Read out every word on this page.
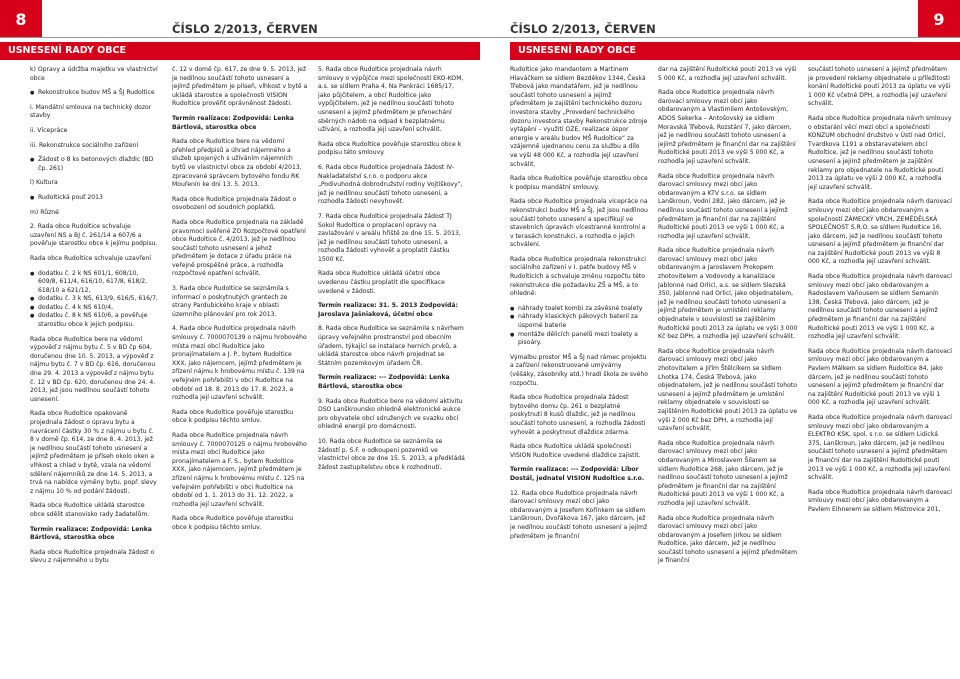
8
ČÍSLO 2/2013, ČERVEN
USNESENÍ RADY OBCE

k) Opravy a údržba majetku ve vlastnictví obce

● Rekonstrukce budov MŠ a ŠJ Rudoltice

i. Mandátní smlouva na technický dozor stavby

ii. Vícepráce

iii. Rekonstrukce sociálního zařízení

● Žádost o 8 ks betonových dlaždic (BD čp. 261)

l) Kultura

● Rudoltická pouť 2013

m) Různé

2. Rada obce Rudoltice schvaluje uzavření NS a BJ č. 261/14 a 607/6 a pověřuje starostku obce k jejímu podpisu.

Rada obce Rudoltice schvaluje uzavření

● dodatku č. 2 k NS 601/1, 608/10, 609/8, 611/4, 616/10, 617/8, 618/2, 618/10 a 621/12,
● dodatku č. 3 k NS, 613/9, 616/5, 616/7,
● dodatku č. 4 k NS 610/4,
● dodatku č. 8 k NS 610/6, a pověřuje starostku obce k jejich podpisu.

Rada obce Rudoltice bere na vědomí výpověď z nájmu bytu č. 5 v BD čp 604, doručenou dne 10. 5. 2013, a výpověď z nájmu bytu č. 7 v BD čp. 616, doručenou dne 29. 4. 2013 a výpověď z nájmu bytu č. 12 v BD čp. 620, doručenou dne 24. 4. 2013, jež jsou nedílnou součástí tohoto usnesení.

Rada obce Rudoltice opakovaně projednala žádost o úpravu bytu a navrácení částky 30 % z nájmu u bytu č. 8 v domě čp. 614, ze dne 8. 4. 2013, jež je nedílnou součástí tohoto usnesení a jejímž předmětem je příseh okolo oken a vlhkost a chlad v bytě, vzala na vědomí sdělení nájemníků ze dne 14. 5. 2013, a trvá na nabídce výměny bytu, popř. slevy z nájmu 10 % od podání žádosti.

Rada obce Rudoltice ukládá starostce obce sdělit stanovisko rady žadatelům.

Termín realizace: Zodpovídá: Lenka Bártlová, starostka obce

Rada obce Rudoltice projednala žádost o slevu z nájemného u bytu

č. 12 v domě čp. 617, ze dne 9. 5. 2013, jež je nedílnou součástí tohoto usnesení a jejímž předmětem je plíseň, vlhkost v bytě a ukládá starostce a společnosti VISION Rudoltice prověřit oprávněnost žádosti.

Termín realizace: Zodpovídá: Lenka Bártlová, starostka obce

Rada obce Rudoltice bere na vědomí přehled předpisů a úhrad nájemného a služeb spojených s užíváním nájemních bytů ve vlastnictví obce za období 4/2013, zpracované správcem bytového fondu RK Mouřenín ke dni 13. 5. 2013.

Rada obce Rudoltice projednala žádost o osvobození od soudních poplatků.

Rada obce Rudoltice projednala na základě pravomoci svěřené ZO Rozpočtové opatření obce Rudoltice č. 4/2013, jež je nedílnou součástí tohoto usnesení a jehož předmětem je dotace z úřadu práce na veřejně prospěšné práce, a rozhodla rozpočtové opatření schválit.

3. Rada obce Rudoltice se seznámila s informací o poskytnutých grantech ze strany Pardubického kraje v oblasti územního plánování pro rok 2013.

4. Rada obce Rudoltice projednala návrh smlouvy č. 7000070139 o nájmu hrobového místa mezi obcí Rudoltice jako pronajímatelem a J. P., bytem Rudoltice XXX, jako nájemcem, jejímž předmětem je zřízení nájmu k hrobovému místu č. 139 na veřejném pohřebišti v obci Rudoltice na období od 18. 8. 2013 do 17. 8. 2023, a rozhodla její uzavření schválit.

Rada obce Rudoltice pověřuje starostku obce k podpisu těchto smluv.

Rada obce Rudoltice projednala návrh smlouvy č. 7000070125 o nájmu hrobového místa mezi obcí Rudoltice jako pronajímatelem a F. S., bytem Rudoltice XXX, jako nájemcem, jejímž předmětem je zřízení nájmu k hrobovému místu č. 125 na veřejném pohřebišti v obci Rudoltice na období od 1. 1. 2013 do 31. 12. 2022, a rozhodla její uzavření schválit.

Rada obce Rudoltice pověřuje starostku obce k podpisu těchto smluv.

5. Rada obce Rudoltice projednala návrh smlouvy o výpůjčce mezi společností EKO-KOM, a.s. se sídlem Praha 4, Na Pankráci 1685/17, jako půjčitelem, a obcí Rudoltice jako vypůjčitelem, jež je nedílnou součástí tohoto usnesení a jejímž předmětem je přenechání sběrných nádob na odpad k bezplatnému užívání, a rozhodla její uzavření schválit.

Rada obce Rudoltice pověřuje starostku obce k podpisu této smlouvy.

6. Rada obce Rudoltice projednala žádost IV-Nakladatelství s.r.o. o podporu akce „Podivuhodná dobrodružství rodiny Vojtíškovy“, jež je nedílnou součástí tohoto usnesení, a rozhodla žádosti nevyhovět.

7. Rada obce Rudoltice projednala žádost TJ Sokol Rudoltice o proplacení opravy na zavlažování v areálu hřiště ze dne 15. 5. 2013, jež je nedílnou součástí tohoto usnesení, a rozhodla žádosti vyhovět a proplatit částku 1500 Kč.

Rada obce Rudoltice ukládá účetní obce uvedenou částku proplatit dle specifikace uvedené v žádosti.

Termín realizace: 31. 5. 2013 Zodpovídá: Jaroslava Jašniaková, účetní obce

8. Rada obce Rudoltice se seznámila s návrhem úpravy veřejného prostranství pod obecním úřadem, týkající se instalace herních prvků, a ukládá starostce obce návrh projednat se Státním pozemkovým úřadem ČR.

Termín realizace: --- Zodpovídá: Lenka Bártlová, starostka obce

9. Rada obce Rudoltice bere na vědomí aktivitu DSO Lanškrounsko ohledně elektronické aukce pro obyvatele obcí sdružených ve svazku obcí ohledně energií pro domácnosti.

10. Rada obce Rudoltice se seznámila se žádostí p. S.F. o odkoupení pozemků ve vlastnictví obce ze dne 15. 5. 2013, a předkládá žádost zastupitelstvu obce k rozhodnutí.

ČÍSLO 2/2013, ČERVEN
9
USNESENÍ RADY OBCE

Rudoltice jako mandantem a Martinem Hlaváčkem se sídlem Bezděkov 1344, Česká Třebová jako mandatářem, jež je nedílnou součástí tohoto usnesení a jejímž předmětem je zajištění technického dozoru investora stavby „Provedení technického dozoru investora stavby Rekonstrukce zdroje vytápění – využití OZE, realizace úspor energie v areálu budov MŠ Rudoltice“ za vzájemně ujednanou cenu za službu a dílo ve výši 48 000 Kč, a rozhodla její uzavření schválit.

Rada obce Rudoltice pověřuje starostku obce k podpisu mandátní smlouvy.

Rada obce Rudoltice projednala vícepráce na rekonstrukci budov MŠ a ŠJ, jež jsou nedílnou součástí tohoto usnesení a specifikují ve stavebních úpravách vícestranné kontrolní a v terasách konstrukci, a rozhodla o jejich schválení.

Rada obce Rudoltice projednala rekonstrukci sociálního zařízení v I. patře budovy MŠ v Rudolticích a schvaluje změnu rozpočtu této rekonstrukce dle požadavku ZŠ a MŠ, a to ohledně:

● náhrady toalet kombi za závěsné toalety
● náhrady klasických pákových baterií za úsporné baterie
● montáže dělicích panelů mezi toalety a pisoáry.

Výmalbu prostor MŠ a ŠJ nad rámec projektu a zařízení rekonstruované umývárny (věšáky, zásobníky atd.) hradí škola ze svého rozpočtu.

Rada obce Rudoltice projednala žádost bytového domu čp. 261 o bezplatné poskytnutí 8 kusů dlaždic, jež je nedílnou součástí tohoto usnesení, a rozhodla žádosti vyhovět a poskytnout dlaždice zdarma.

Rada obce Rudoltice ukládá společnosti VISION Rudoltice uvedené dlaždice zajistit.

Termín realizace: --- Zodpovídá: Libor Dostál, jednatel VISION Rudoltice s.r.o.

12. Rada obce Rudoltice projednala návrh darovací smlouvy mezi obcí jako obdarovaným a Josefem Kořínkem se sídlem Lanškroun, Dvořákova 167, jako dárcem, jež je nedílnou součástí tohoto usnesení a jejímž předmětem je finanční

dar na zajištění Rudoltické pouti 2013 ve výši 5 000 Kč, a rozhodla její uzavření schválit.

Rada obce Rudoltice projednala návrh darovací smlouvy mezi obcí jako obdarovaným a Vlastimilem Antošovským, ADOS Sekerka – Antošovský se sídlem Moravská Třebová, Rozstání 7, jako dárcem, jež je nedílnou součástí tohoto usnesení a jejímž předmětem je finanční dar na zajištění Rudoltické pouti 2013 ve výši 5 000 Kč, a rozhodla její uzavření schválit.

Rada obce Rudoltice projednala návrh darovací smlouvy mezi obcí jako obdarovaným a KTV s.r.o. se sídlem Lanškroun, Vodní 282, jako dárcem, jež je nedílnou součástí tohoto usnesení a jejímž předmětem je finanční dar na zajištění Rudoltické pouti 2013 ve výši 1 000 Kč, a rozhodla její uzavření schválit.

Rada obce Rudoltice projednala návrh darovací smlouvy mezi obcí jako obdarovaným a Jaroslavem Prokopem zhotovitelem a Vodovody a kanalizace Jablonné nad Orlicí, a.s. se sídlem Slezská 350, Jablonné nad Orlicí, jako objednatelem, jež je nedílnou součástí tohoto usnesení a jejímž předmětem je umístění reklamy objednatele v souvislosti se zajištěním Rudoltické pouti 2013 za úplatu ve výši 3 000 Kč bez DPH, a rozhodla její uzavření schválit.

Rada obce Rudoltice projednala návrh darovací smlouvy mezi obcí jako zhotovitelem a Jiřím Štělcíkem se sídlem Lhotka 174, Česká Třebová, jako objednatelem, jež je nedílnou součástí tohoto usnesení a jejímž předmětem je umístění reklamy objednatele v souvislosti se zajištěním Rudoltické pouti 2013 za úplatu ve výši 2 000 Kč bez DPH, a rozhodla její uzavření schválit.

Rada obce Rudoltice projednala návrh darovací smlouvy mezi obcí jako obdarovaným a Miroslavem Šilarem se sídlem Rudoltice 268, jako dárcem, jež je nedílnou součástí tohoto usnesení a jejímž předmětem je finanční dar na zajištění Rudoltické pouti 2013 ve výši 1 000 Kč, a rozhodla její uzavření schválit.

Rada obce Rudoltice projednala návrh darovací smlouvy mezi obcí jako obdarovaným a Josefem Jirkou se sídlem Rudoltice, jako dárcem, jež je nedílnou součástí tohoto usnesení a jejímž předmětem je finanční

součástí tohoto usnesení a jejímž předmětem je provedení reklamy objednatele u příležitosti konání Rudoltické pouti 2013 za úplatu ve výši 1 000 Kč včetně DPH, a rozhodla její uzavření schválit.

Rada obce Rudoltice projednala návrh smlouvy o obstarání věcí mezi obcí a společností KONZUM obchodní družstvo v Ústí nad Orlicí, Tvardkova 1191 a obstaravatelem obcí Rudoltice, jež je nedílnou součástí tohoto usnesení a jejímž předmětem je zajištění reklamy pro objednatele na Rudoltické pouti 2013 za úplatu ve výši 2 000 Kč, a rozhodla její uzavření schválit.

Rada obce Rudoltice projednala návrh darovací smlouvy mezi obcí jako obdarovaným a společností ZÁMECKÝ VRCH, ZEMĚDĚLSKÁ SPOLEČNOST S.R.O. se sídlem Rudoltice 16, jako dárcem, jež je nedílnou součástí tohoto usnesení a jejímž předmětem je finanční dar na zajištění Rudoltické pouti 2013 ve výši 8 000 Kč, a rozhodla její uzavření schválit.

Rada obce Rudoltice projednala návrh darovací smlouvy mezi obcí jako obdarovaným a Radoslavem Vañousem se sídlem Semanín 138, Česká Třebová, jako dárcem, jež je nedílnou součástí tohoto usnesení a jejímž předmětem je finanční dar na zajištění Rudoltické pouti 2013 ve výši 1 000 Kč, a rozhodla její uzavření schválit.

Rada obce Rudoltice projednala návrh darovací smlouvy mezi obcí jako obdarovaným a Pavlem Málkem se sídlem Rudoltice 84, jako dárcem, jež je nedílnou součástí tohoto usnesení a jejímž předmětem je finanční dar na zajištění Rudoltické pouti 2013 ve výši 1 000 Kč, a rozhodla její uzavření schválit.

Rada obce Rudoltice projednala návrh darovací smlouvy mezi obcí jako obdarovaným a ELEKTRO KSK, spol. s r.o. se sídlem Lidická 375, Lanškroun, jako dárcem, jež je nedílnou součástí tohoto usnesení a jejímž předmětem je finanční dar na zajištění Rudoltické pouti 2013 ve výši 1 000 Kč, a rozhodla její uzavření schválit.

Rada obce Rudoltice projednala návrh darovací smlouvy mezi obcí jako obdarovaným a Pavlem Eihnerem se sídlem Mistrovice 201,
